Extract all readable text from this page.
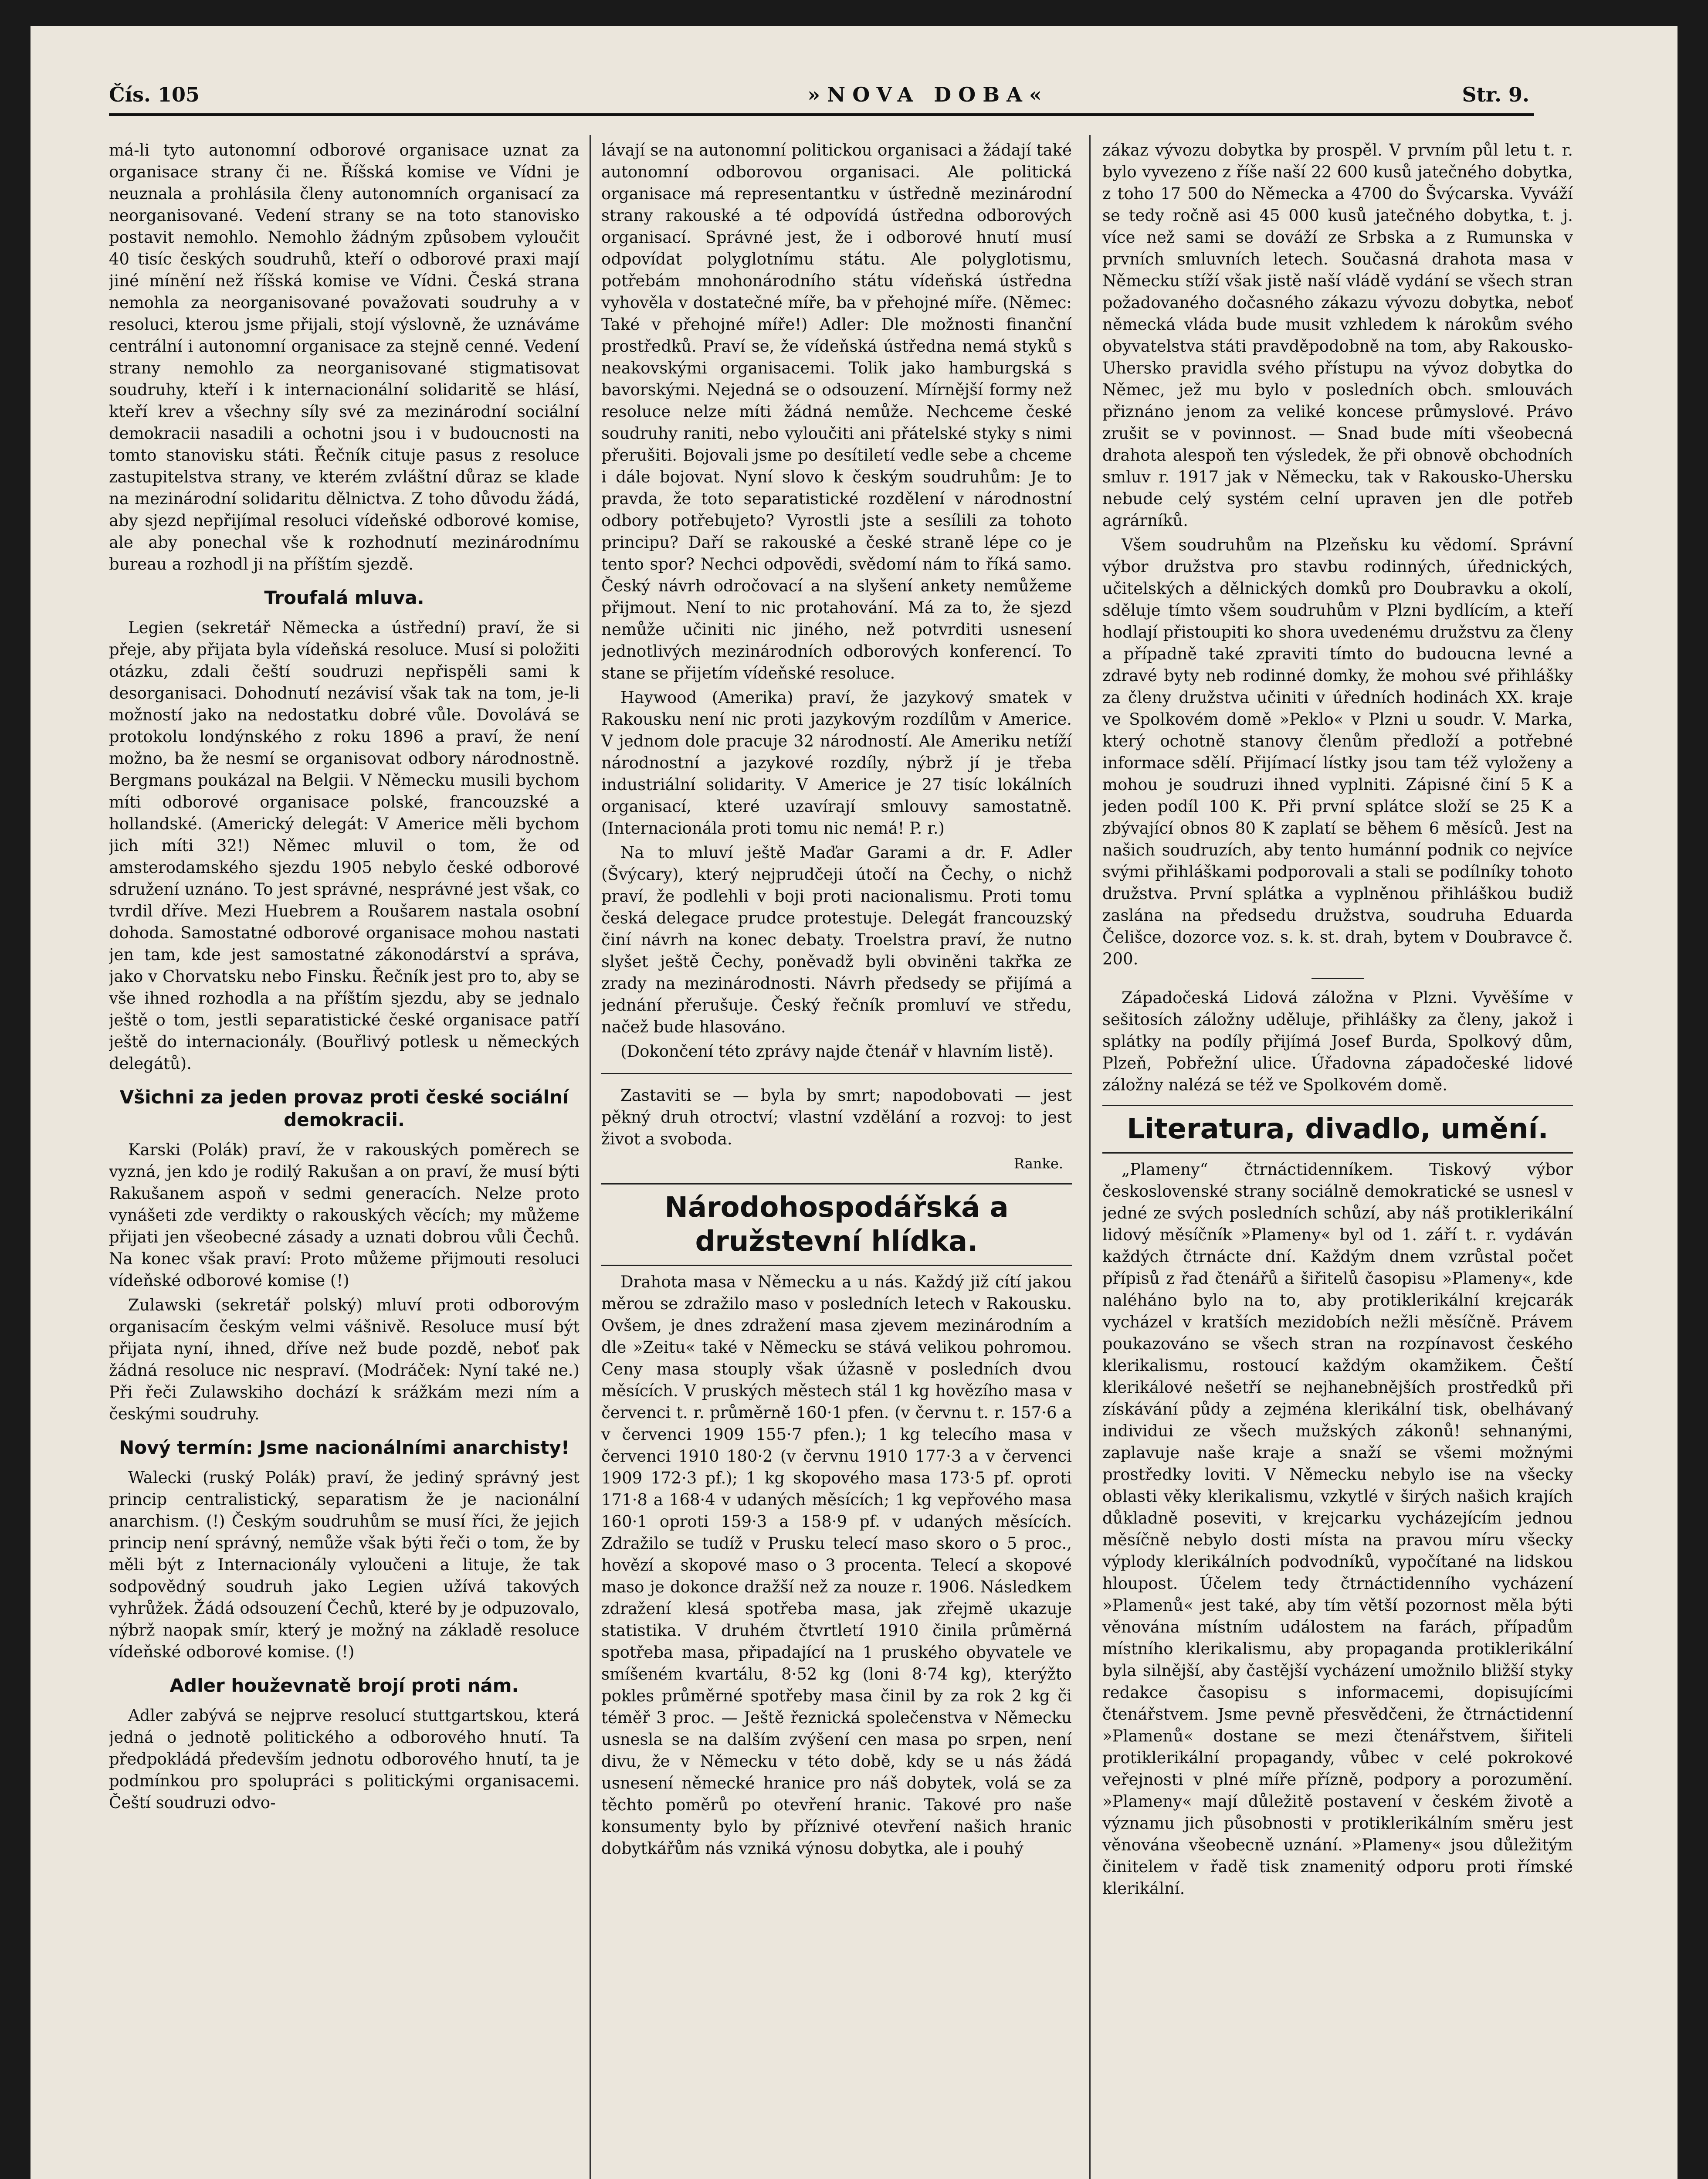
Čís. 105	»NOVA DOBA«	Str. 9.

má-li tyto autonomní odborové organisace uznat za organisace strany či ne. Říšská komise ve Vídni je neuznala a prohlásila členy autonomních organisací za neorganisované. Vedení strany se na toto stanovisko postavit nemohlo. Nemohlo žádným způsobem vyloučit 40 tisíc českých soudruhů, kteří o odborové praxi mají jiné mínění než říšská komise ve Vídni. Česká strana nemohla za neorganisované považovati soudruhy a v resoluci, kterou jsme přijali, stojí výslovně, že uznáváme centrální i autonomní organisace za stejně cenné. Vedení strany nemohlo za neorganisované stigmatisovat soudruhy, kteří i k internacionální solidaritě se hlásí, kteří krev a všechny síly své za mezinárodní sociální demokracii nasadili a ochotni jsou i v budoucnosti na tomto stanovisku státi. Řečník cituje pasus z resoluce zastupitelstva strany, ve kterém zvláštní důraz se klade na mezinárodní solidaritu dělnictva. Z toho důvodu žádá, aby sjezd nepřijímal resoluci vídeňské odborové komise, ale aby ponechal vše k rozhodnutí mezinárodnímu bureau a rozhodl ji na příštím sjezdě.

Troufalá mluva.

Legien (sekretář Německa a ústřední) praví, že si přeje, aby přijata byla vídeňská resoluce. Musí si položiti otázku, zdali čeští soudruzi nepřispěli sami k desorganisaci. Dohodnutí nezávisí však tak na tom, je-li možností jako na nedostatku dobré vůle. Dovolává se protokolu londýnského z roku 1896 a praví, že není možno, ba že nesmí se organisovat odbory národnostně. Bergmans poukázal na Belgii. V Německu musili bychom míti odborové organisace polské, francouzské a hollandské. (Americký delegát: V Americe měli bychom jich míti 32!) Němec mluvil o tom, že od amsterodamského sjezdu 1905 nebylo české odborové sdružení uznáno. To jest správné, nesprávné jest však, co tvrdil dříve. Mezi Huebrem a Roušarem nastala osobní dohoda. Samostatné odborové organisace mohou nastati jen tam, kde jest samostatné zákonodárství a správa, jako v Chorvatsku nebo Finsku. Řečník jest pro to, aby se vše ihned rozhodla a na příštím sjezdu, aby se jednalo ještě o tom, jestli separatistické české organisace patří ještě do internacionály. (Bouřlivý potlesk u německých delegátů).

Všichni za jeden provaz proti české sociální demokracii.

Karski (Polák) praví, že v rakouských poměrech se vyzná, jen kdo je rodilý Rakušan a on praví, že musí býti Rakušanem aspoň v sedmi generacích. Nelze proto vynášeti zde verdikty o rakouských věcích; my můžeme přijati jen všeobecné zásady a uznati dobrou vůli Čechů. Na konec však praví: Proto můžeme přijmouti resoluci vídeňské odborové komise (!)

Zulawski (sekretář polský) mluví proti odborovým organisacím českým velmi vášnivě. Resoluce musí být přijata nyní, ihned, dříve než bude pozdě, neboť pak žádná resoluce nic nespraví. (Modráček: Nyní také ne.) Při řeči Zulawskiho dochází k srážkám mezi ním a českými soudruhy.

Nový termín: Jsme nacionálními anarchisty!

Walecki (ruský Polák) praví, že jediný správný jest princip centralistický, separatism že je nacionální anarchism. (!) Českým soudruhům se musí říci, že jejich princip není správný, nemůže však býti řeči o tom, že by měli být z Internacionály vyloučeni a lituje, že tak sodpovědný soudruh jako Legien užívá takových vyhrůžek. Žádá odsouzení Čechů, které by je odpuzovalo, nýbrž naopak smír, který je možný na základě resoluce vídeňské odborové komise. (!)

Adler houževnatě brojí proti nám.

Adler zabývá se nejprve resolucí stuttgartskou, která jedná o jednotě politického a odborového hnutí. Ta předpokládá především jednotu odborového hnutí, ta je podmínkou pro spolupráci s politickými organisacemi. Čeští soudruzi odvo-

lávají se na autonomní politickou organisaci a žádají také autonomní odborovou organisaci. Ale politická organisace má representantku v ústředně mezinárodní strany rakouské a té odpovídá ústředna odborových organisací. Správné jest, že i odborové hnutí musí odpovídat polyglotnímu státu. Ale polyglotismu, potřebám mnohonárodního státu vídeňská ústředna vyhověla v dostatečné míře, ba v přehojné míře. (Němec: Také v přehojné míře!) Adler: Dle možnosti finanční prostředků. Praví se, že vídeňská ústředna nemá styků s neakovskými organisacemi. Tolik jako hamburgská s bavorskými. Nejedná se o odsouzení. Mírnější formy než resoluce nelze míti žádná nemůže. Nechceme české soudruhy raniti, nebo vyloučiti ani přátelské styky s nimi přerušiti. Bojovali jsme po desítiletí vedle sebe a chceme i dále bojovat. Nyní slovo k českým soudruhům: Je to pravda, že toto separatistické rozdělení v národnostní odbory potřebujeto? Vyrostli jste a sesílili za tohoto principu? Daří se rakouské a české straně lépe co je tento spor? Nechci odpovědi, svědomí nám to říká samo. Český návrh odročovací a na slyšení ankety nemůžeme přijmout. Není to nic protahování. Má za to, že sjezd nemůže učiniti nic jiného, než potvrditi usnesení jednotlivých mezinárodních odborových konferencí. To stane se přijetím vídeňské resoluce.

Haywood (Amerika) praví, že jazykový smatek v Rakousku není nic proti jazykovým rozdílům v Americe. V jednom dole pracuje 32 národností. Ale Ameriku netíží národnostní a jazykové rozdíly, nýbrž jí je třeba industriální solidarity. V Americe je 27 tisíc lokálních organisací, které uzavírají smlouvy samostatně. (Internacionála proti tomu nic nemá! P. r.)

Na to mluví ještě Maďar Garami a dr. F. Adler (Švýcary), který nejprudčeji útočí na Čechy, o nichž praví, že podlehli v boji proti nacionalismu. Proti tomu česká delegace prudce protestuje. Delegát francouzský činí návrh na konec debaty. Troelstra praví, že nutno slyšet ještě Čechy, poněvadž byli obviněni takřka ze zrady na mezinárodnosti. Návrh předsedy se přijímá a jednání přerušuje. Český řečník promluví ve středu, načež bude hlasováno.

(Dokončení této zprávy najde čtenář v hlavním listě).

Zastaviti se — byla by smrt; napodobovati — jest pěkný druh otroctví; vlastní vzdělání a rozvoj: to jest život a svoboda.

Ranke.
Národohospodářská a družstevní hlídka.

Drahota masa v Německu a u nás. Každý již cítí jakou měrou se zdražilo maso v posledních letech v Rakousku. Ovšem, je dnes zdražení masa zjevem mezinárodním a dle »Zeitu« také v Německu se stává velikou pohromou. Ceny masa stouply však úžasně v posledních dvou měsících. V pruských městech stál 1 kg hovězího masa v červenci t. r. průměrně 160·1 pfen. (v červnu t. r. 157·6 a v červenci 1909 155·7 pfen.); 1 kg telecího masa v červenci 1910 180·2 (v červnu 1910 177·3 a v červenci 1909 172·3 pf.); 1 kg skopového masa 173·5 pf. oproti 171·8 a 168·4 v udaných měsících; 1 kg vepřového masa 160·1 oproti 159·3 a 158·9 pf. v udaných měsících. Zdražilo se tudíž v Prusku telecí maso skoro o 5 proc., hovězí a skopové maso o 3 procenta. Telecí a skopové maso je dokonce dražší než za nouze r. 1906. Následkem zdražení klesá spotřeba masa, jak zřejmě ukazuje statistika. V druhém čtvrtletí 1910 činila průměrná spotřeba masa, připadající na 1 pruského obyvatele ve smíšeném kvartálu, 8·52 kg (loni 8·74 kg), kterýžto pokles průměrné spotřeby masa činil by za rok 2 kg či téměř 3 proc. — Ještě řeznická společenstva v Německu usnesla se na dalším zvýšení cen masa po srpen, není divu, že v Německu v této době, kdy se u nás žádá usnesení německé hranice pro náš dobytek, volá se za těchto poměrů po otevření hranic. Takové pro naše konsumenty bylo by příznivé otevření našich hranic dobytkářům nás vzniká výnosu dobytka, ale i pouhý

zákaz vývozu dobytka by prospěl. V prvním půl letu t. r. bylo vyvezeno z říše naší 22 600 kusů jatečného dobytka, z toho 17 500 do Německa a 4700 do Švýcarska. Vyváží se tedy ročně asi 45 000 kusů jatečného dobytka, t. j. více než sami se dováží ze Srbska a z Rumunska v prvních smluvních letech. Současná drahota masa v Německu stíží však jistě naší vládě vydání se všech stran požadovaného dočasného zákazu vývozu dobytka, neboť německá vláda bude musit vzhledem k nárokům svého obyvatelstva státi pravděpodobně na tom, aby Rakousko-Uhersko pravidla svého přístupu na vývoz dobytka do Němec, jež mu bylo v posledních obch. smlouvách přiznáno jenom za veliké koncese průmyslové. Právo zrušit se v povinnost. — Snad bude míti všeobecná drahota alespoň ten výsledek, že při obnově obchodních smluv r. 1917 jak v Německu, tak v Rakousko-Uhersku nebude celý systém celní upraven jen dle potřeb agrárníků.

Všem soudruhům na Plzeňsku ku vědomí. Správní výbor družstva pro stavbu rodinných, úřednických, učitelských a dělnických domků pro Doubravku a okolí, sděluje tímto všem soudruhům v Plzni bydlícím, a kteří hodlají přistoupiti ko shora uvedenému družstvu za členy a případně také zpraviti tímto do budoucna levné a zdravé byty neb rodinné domky, že mohou své přihlášky za členy družstva učiniti v úředních hodinách XX. kraje ve Spolkovém domě »Peklo« v Plzni u soudr. V. Marka, který ochotně stanovy členům předloží a potřebné informace sdělí. Přijímací lístky jsou tam též vyloženy a mohou je soudruzi ihned vyplniti. Zápisné činí 5 K a jeden podíl 100 K. Při první splátce složí se 25 K a zbývající obnos 80 K zaplatí se během 6 měsíců. Jest na našich soudruzích, aby tento humánní podnik co nejvíce svými přihláškami podporovali a stali se podílníky tohoto družstva. První splátka a vyplněnou přihláškou budiž zaslána na předsedu družstva, soudruha Eduarda Čelišce, dozorce voz. s. k. st. drah, bytem v Doubravce č. 200.

Západočeská Lidová záložna v Plzni. Vyvěšíme v sešitosích záložny uděluje, přihlášky za členy, jakož i splátky na podíly přijímá Josef Burda, Spolkový dům, Plzeň, Pobřežní ulice. Úřadovna západočeské lidové záložny nalézá se též ve Spolkovém domě.

Literatura, divadlo, umění.

„Plameny“ čtrnáctidenníkem. Tiskový výbor československé strany sociálně demokratické se usnesl v jedné ze svých posledních schůzí, aby náš protiklerikální lidový měsíčník »Plameny« byl od 1. září t. r. vydáván každých čtrnácte dní. Každým dnem vzrůstal počet přípisů z řad čtenářů a šiřitelů časopisu »Plameny«, kde naléháno bylo na to, aby protiklerikální krejcarák vycházel v kratších mezidobích nežli měsíčně. Právem poukazováno se všech stran na rozpínavost českého klerikalismu, rostoucí každým okamžikem. Čeští klerikálové nešetří se nejhanebnějších prostředků při získávání půdy a zejména klerikální tisk, obelhávaný individui ze všech mužských zákonů! sehnanými, zaplavuje naše kraje a snaží se všemi možnými prostředky loviti. V Německu nebylo ise na všecky oblasti věky klerikalismu, vzkytlé v širých našich krajích důkladně poseviti, v krejcarku vycházejícím jednou měsíčně nebylo dosti místa na pravou míru všecky výplody klerikálních podvodníků, vypočítané na lidskou hloupost. Účelem tedy čtrnáctidenního vycházení »Plamenů« jest také, aby tím větší pozornost měla býti věnována místním událostem na farách, případům místního klerikalismu, aby propaganda protiklerikální byla silnější, aby častější vycházení umožnilo bližší styky redakce časopisu s informacemi, dopisujícími čtenářstvem. Jsme pevně přesvědčeni, že čtrnáctidenní »Plamenů« dostane se mezi čtenářstvem, šiřiteli protiklerikální propagandy, vůbec v celé pokrokové veřejnosti v plné míře přízně, podpory a porozumění. »Plameny« mají důležitě postavení v českém životě a významu jich působnosti v protiklerikálním směru jest věnována všeobecně uznání. »Plameny« jsou důležitým činitelem v řadě tisk znamenitý odporu proti římské klerikální.
